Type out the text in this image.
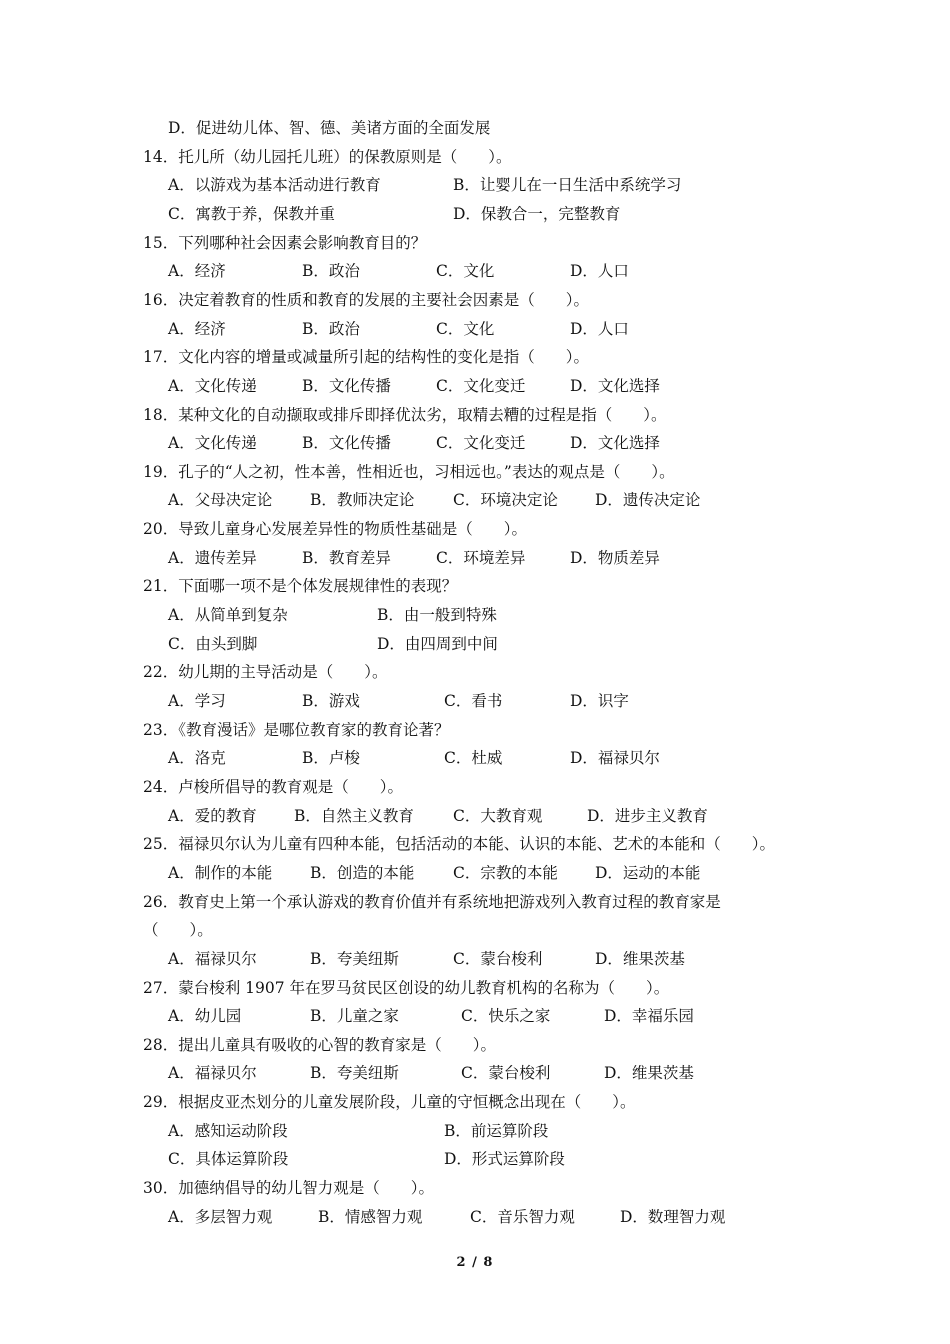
D．促进幼儿体、智、德、美诸方面的全面发展
14．托儿所（幼儿园托儿班）的保教原则是（　　）。
A．以游戏为基本活动进行教育	B．让婴儿在一日生活中系统学习
C．寓教于养，保教并重	D．保教合一，完整教育
15．下列哪种社会因素会影响教育目的？
A．经济	B．政治	C．文化	D．人口
16．决定着教育的性质和教育的发展的主要社会因素是（　　）。
A．经济	B．政治	C．文化	D．人口
17．文化内容的增量或减量所引起的结构性的变化是指（　　）。
A．文化传递	B．文化传播	C．文化变迁	D．文化选择
18．某种文化的自动撷取或排斥即择优汰劣，取精去糟的过程是指（　　）。
A．文化传递	B．文化传播	C．文化变迁	D．文化选择
19．孔子的“人之初，性本善，性相近也，习相远也。”表达的观点是（　　）。
A．父母决定论 B．教师决定论 C．环境决定论 D．遗传决定论
20．导致儿童身心发展差异性的物质性基础是（　　）。
A．遗传差异	B．教育差异	C．环境差异	D．物质差异
21．下面哪一项不是个体发展规律性的表现？
A．从简单到复杂	B．由一般到特殊
C．由头到脚	D．由四周到中间
22．幼儿期的主导活动是（　　）。
A．学习	B．游戏	C．看书	D．识字
23．《教育漫话》是哪位教育家的教育论著？
A．洛克	B．卢梭	C．杜威	D．福禄贝尔
24．卢梭所倡导的教育观是（　　）。
A．爱的教育 B．自然主义教育	C．大教育观	D．进步主义教育
25．福禄贝尔认为儿童有四种本能，包括活动的本能、认识的本能、艺术的本能和（　　）。
A．制作的本能 B．创造的本能 C．宗教的本能 D．运动的本能
26．教育史上第一个承认游戏的教育价值并有系统地把游戏列入教育过程的教育家是
（　　）。
A．福禄贝尔	B．夸美纽斯	C．蒙台梭利	D．维果茨基
27．蒙台梭利 1907 年在罗马贫民区创设的幼儿教育机构的名称为（　　）。
A．幼儿园	B．儿童之家	C．快乐之家	D．幸福乐园
28．提出儿童具有吸收的心智的教育家是（　　）。
A．福禄贝尔	B．夸美纽斯	C．蒙台梭利	D．维果茨基
29．根据皮亚杰划分的儿童发展阶段，儿童的守恒概念出现在（　　）。
A．感知运动阶段	B．前运算阶段
C．具体运算阶段	D．形式运算阶段
30．加德纳倡导的幼儿智力观是（　　）。
A．多层智力观	B．情感智力观	C．音乐智力观	D．数理智力观
2 / 8
